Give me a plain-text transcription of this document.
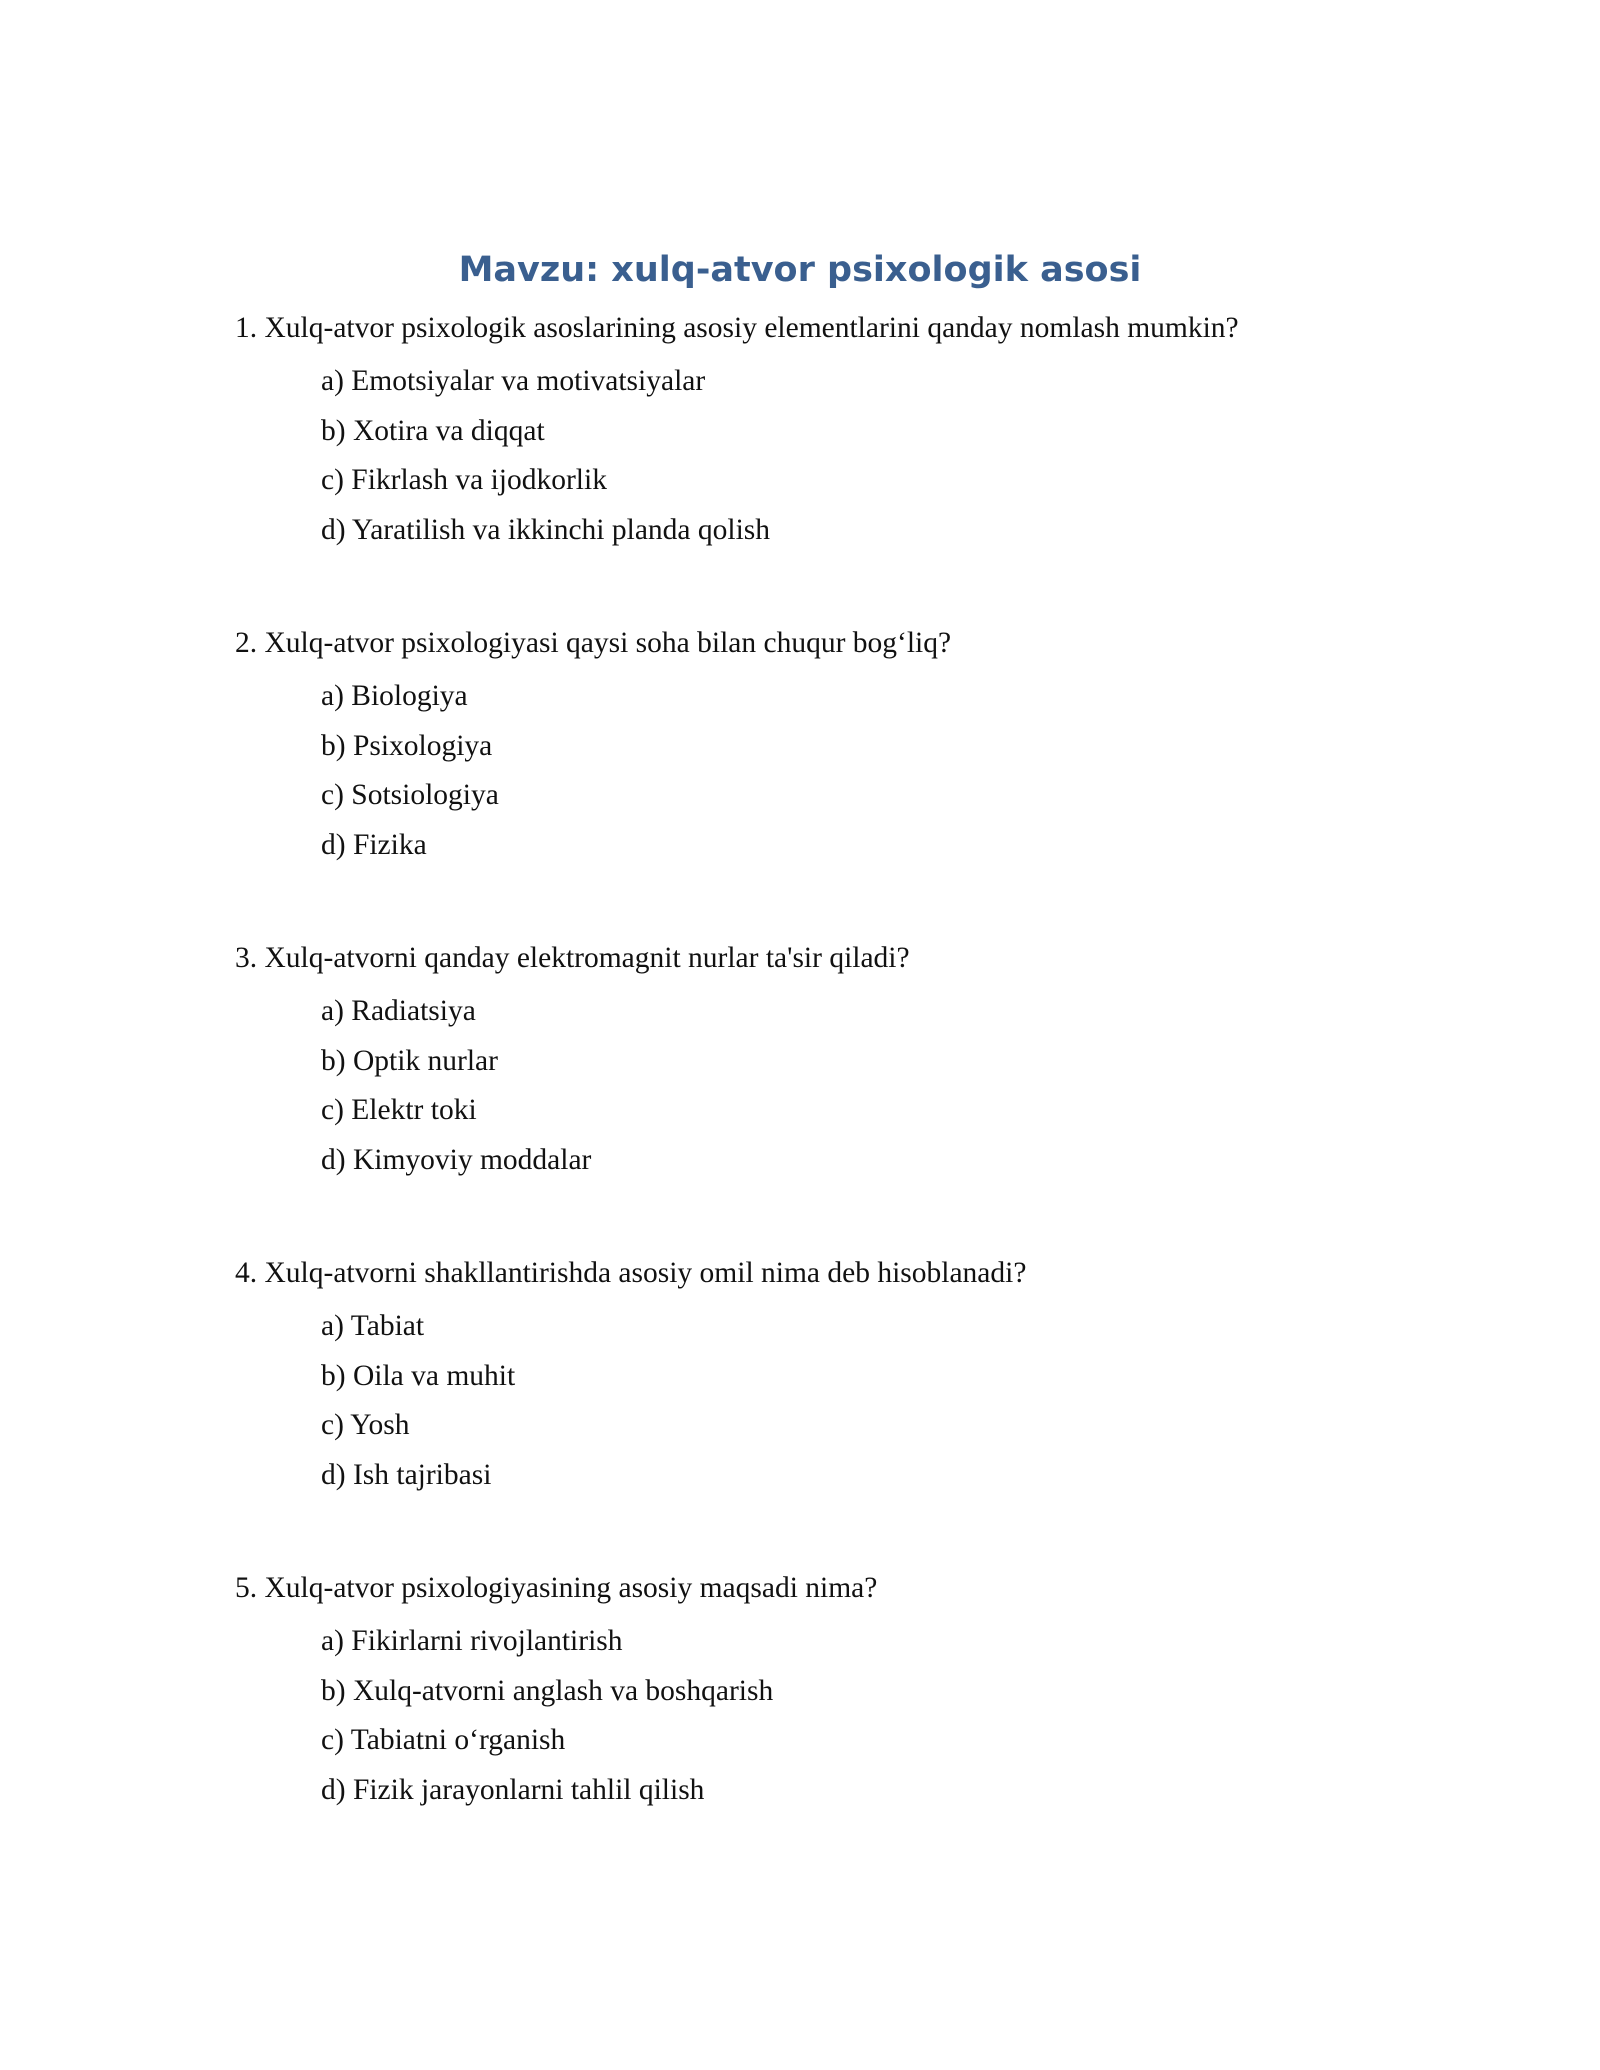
Mavzu: xulq-atvor psixologik asosi

1. Xulq-atvor psixologik asoslarining asosiy elementlarini qanday nomlash mumkin?

a) Emotsiyalar va motivatsiyalar
b) Xotira va diqqat
c) Fikrlash va ijodkorlik
d) Yaratilish va ikkinchi planda qolish

2. Xulq-atvor psixologiyasi qaysi soha bilan chuqur bog‘liq?

a) Biologiya
b) Psixologiya
c) Sotsiologiya
d) Fizika

3. Xulq-atvorni qanday elektromagnit nurlar ta'sir qiladi?

a) Radiatsiya
b) Optik nurlar
c) Elektr toki
d) Kimyoviy moddalar

4. Xulq-atvorni shakllantirishda asosiy omil nima deb hisoblanadi?

a) Tabiat
b) Oila va muhit
c) Yosh
d) Ish tajribasi

5. Xulq-atvor psixologiyasining asosiy maqsadi nima?

a) Fikirlarni rivojlantirish
b) Xulq-atvorni anglash va boshqarish
c) Tabiatni o‘rganish
d) Fizik jarayonlarni tahlil qilish
